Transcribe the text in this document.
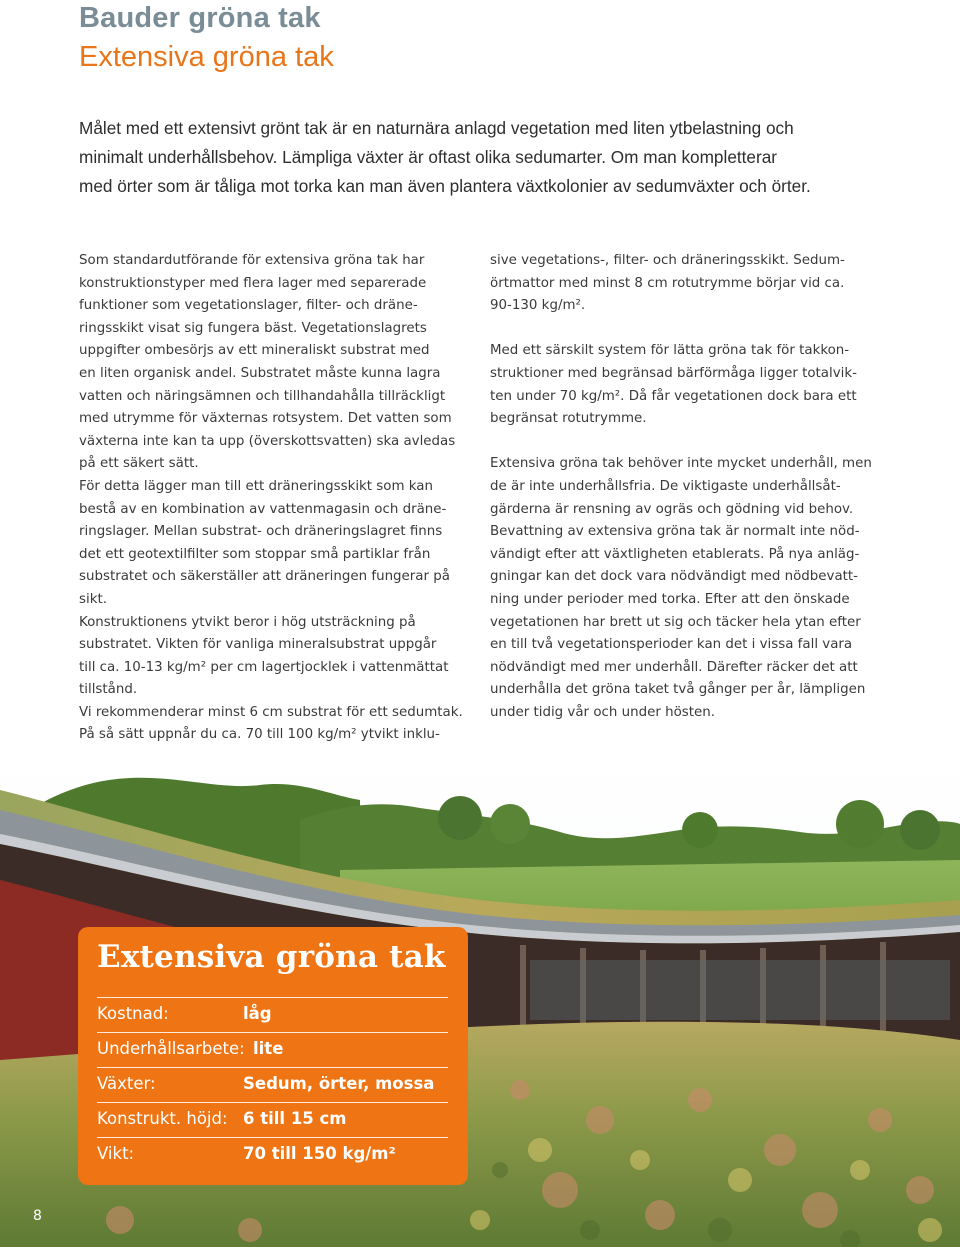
Bauder gröna tak
Extensiva gröna tak

Målet med ett extensivt grönt tak är en naturnära anlagd vegetation med liten ytbelastning och

minimalt underhållsbehov. Lämpliga växter är oftast olika sedumarter. Om man kompletterar

med örter som är tåliga mot torka kan man även plantera växtkolonier av sedumväxter och örter.

Som standardutförande för extensiva gröna tak har

konstruktionstyper med flera lager med separerade

funktioner som vegetationslager, filter- och dräne-

ringsskikt visat sig fungera bäst. Vegetationslagrets

uppgifter ombesörjs av ett mineraliskt substrat med

en liten organisk andel. Substratet måste kunna lagra

vatten och näringsämnen och tillhandahålla tillräckligt

med utrymme för växternas rotsystem. Det vatten som

växterna inte kan ta upp (överskottsvatten) ska avledas

på ett säkert sätt.

För detta lägger man till ett dräneringsskikt som kan

bestå av en kombination av vattenmagasin och dräne-

ringslager. Mellan substrat- och dräneringslagret finns

det ett geotextilfilter som stoppar små partiklar från

substratet och säkerställer att dräneringen fungerar på

sikt.

Konstruktionens ytvikt beror i hög utsträckning på

substratet. Vikten för vanliga mineralsubstrat uppgår

till ca. 10-13 kg/m² per cm lagertjocklek i vattenmättat

tillstånd.

Vi rekommenderar minst 6 cm substrat för ett sedumtak.

På så sätt uppnår du ca. 70 till 100 kg/m² ytvikt inklu-

sive vegetations-, filter- och dräneringsskikt. Sedum-

örtmattor med minst 8 cm rotutrymme börjar vid ca.

90-130 kg/m².

Med ett särskilt system för lätta gröna tak för takkon-

struktioner med begränsad bärförmåga ligger totalvik-

ten under 70 kg/m². Då får vegetationen dock bara ett

begränsat rotutrymme.

Extensiva gröna tak behöver inte mycket underhåll, men

de är inte underhållsfria. De viktigaste underhållsåt-

gärderna är rensning av ogräs och gödning vid behov.

Bevattning av extensiva gröna tak är normalt inte nöd-

vändigt efter att växtligheten etablerats. På nya anläg-

gningar kan det dock vara nödvändigt med nödbevatt-

ning under perioder med torka. Efter att den önskade

vegetationen har brett ut sig och täcker hela ytan efter

en till två vegetationsperioder kan det i vissa fall vara

nödvändigt med mer underhåll. Därefter räcker det att

underhålla det gröna taket två gånger per år, lämpligen

under tidig vår och under hösten.

Extensiva gröna tak
Kostnad:	låg
Underhållsarbete: lite
Växter:	Sedum, örter, mossa
Konstrukt. höjd: 6 till 15 cm
Vikt:	70 till 150 kg/m²
8
